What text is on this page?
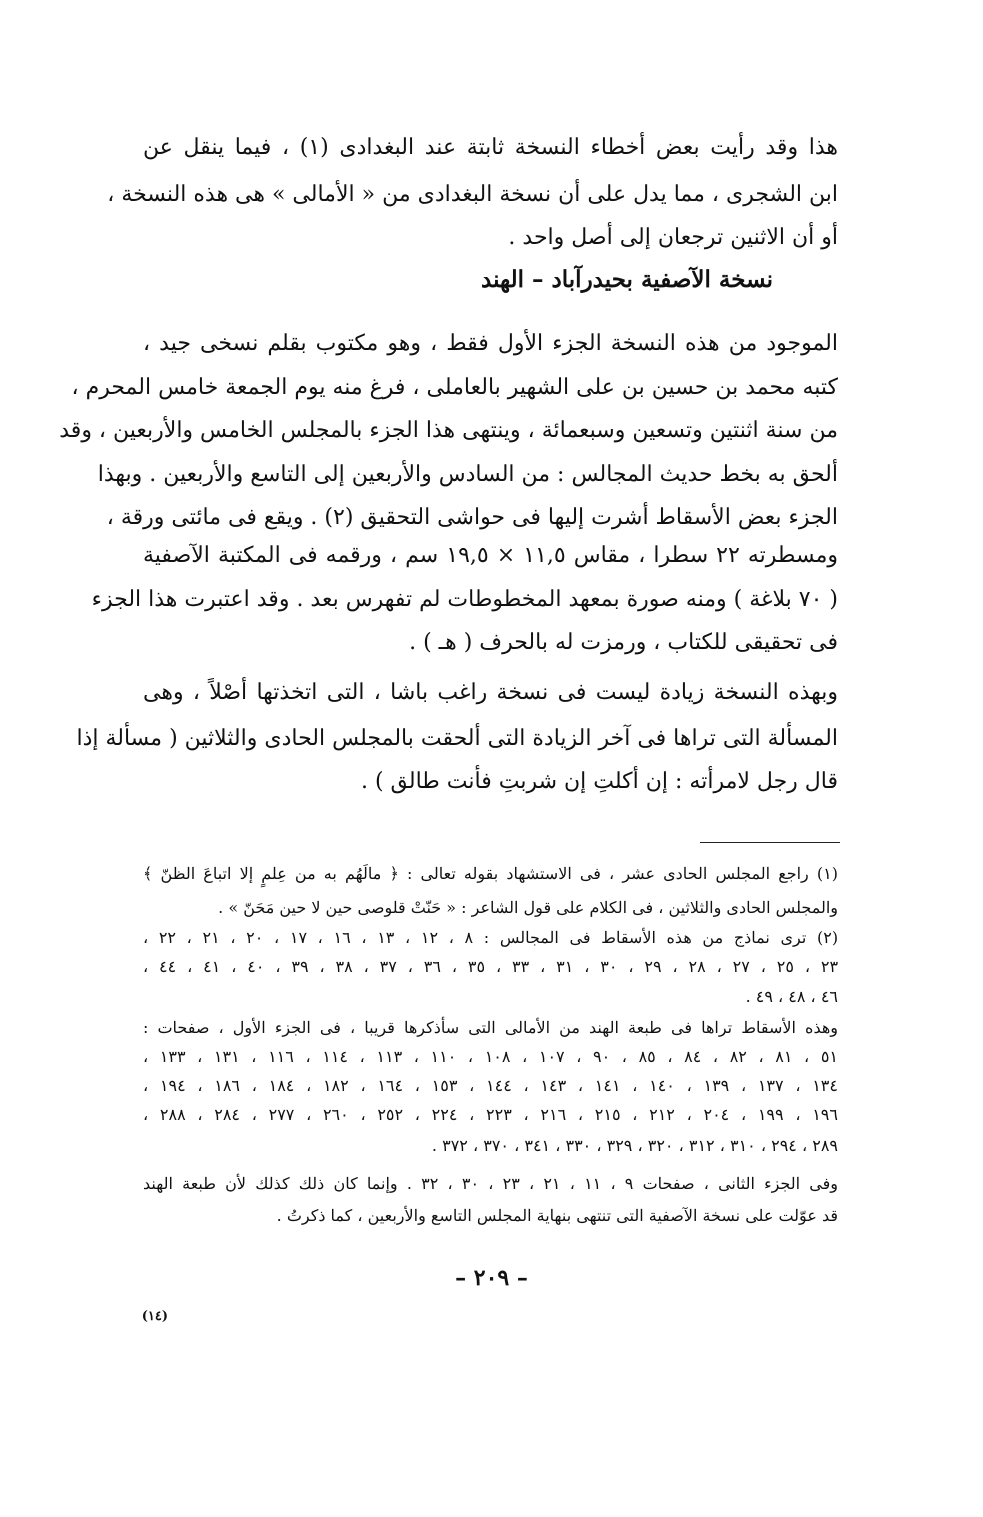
هذا وقد رأيت بعض أخطاء النسخة ثابتة عند البغدادى (١) ، فيما ينقل عن
ابن الشجرى ، مما يدل على أن نسخة البغدادى من « الأمالى » هى هذه النسخة ،
أو أن الاثنين ترجعان إلى أصل واحد .
نسخة الآصفية بحيدرآباد – الهند
الموجود من هذه النسخة الجزء الأول فقط ، وهو مكتوب بقلم نسخى جيد ،
كتبه محمد بن حسين بن على الشهير بالعاملى ، فرغ منه يوم الجمعة خامس المحرم ،
من سنة اثنتين وتسعين وسبعمائة ، وينتهى هذا الجزء بالمجلس الخامس والأربعين ، وقد
ألحق به بخط حديث المجالس : من السادس والأربعين إلى التاسع والأربعين . وبهذا
الجزء بعض الأسقاط أشرت إليها فى حواشى التحقيق (٢) . ويقع فى مائتى ورقة ،
ومسطرته ٢٢ سطرا ، مقاس ١١,٥ × ١٩,٥ سم ، ورقمه فى المكتبة الآصفية
( ٧٠ بلاغة ) ومنه صورة بمعهد المخطوطات لم تفهرس بعد . وقد اعتبرت هذا الجزء
فى تحقيقى للكتاب ، ورمزت له بالحرف ( هـ ) .
وبهذه النسخة زيادة ليست فى نسخة راغب باشا ، التى اتخذتها أصْلاً ، وهى
المسألة التى تراها فى آخر الزيادة التى ألحقت بالمجلس الحادى والثلاثين ( مسألة إذا
قال رجل لامرأته : إن أكلتِ إن شربتِ فأنت طالق ) .
(١) راجع المجلس الحادى عشر ، فى الاستشهاد بقوله تعالى : ﴿ مالَهُم به من عِلمٍ إلا اتباعَ الظنّ ﴾
والمجلس الحادى والثلاثين ، فى الكلام على قول الشاعر : « حَنّتْ قلوصى حين لا حين مَحَنّ » .
(٢) ترى نماذج من هذه الأسقاط فى المجالس : ٨ ، ١٢ ، ١٣ ، ١٦ ، ١٧ ، ٢٠ ، ٢١ ، ٢٢ ،
٢٣ ، ٢٥ ، ٢٧ ، ٢٨ ، ٢٩ ، ٣٠ ، ٣١ ، ٣٣ ، ٣٥ ، ٣٦ ، ٣٧ ، ٣٨ ، ٣٩ ، ٤٠ ، ٤١ ، ٤٤ ،
٤٦ ، ٤٨ ، ٤٩ .
وهذه الأسقاط تراها فى طبعة الهند من الأمالى التى سأذكرها قريبا ، فى الجزء الأول ، صفحات :
٥١ ، ٨١ ، ٨٢ ، ٨٤ ، ٨٥ ، ٩٠ ، ١٠٧ ، ١٠٨ ، ١١٠ ، ١١٣ ، ١١٤ ، ١١٦ ، ١٣١ ، ١٣٣ ،
١٣٤ ، ١٣٧ ، ١٣٩ ، ١٤٠ ، ١٤١ ، ١٤٣ ، ١٤٤ ، ١٥٣ ، ١٦٤ ، ١٨٢ ، ١٨٤ ، ١٨٦ ، ١٩٤ ،
١٩٦ ، ١٩٩ ، ٢٠٤ ، ٢١٢ ، ٢١٥ ، ٢١٦ ، ٢٢٣ ، ٢٢٤ ، ٢٥٢ ، ٢٦٠ ، ٢٧٧ ، ٢٨٤ ، ٢٨٨ ،
٢٨٩ ، ٢٩٤ ، ٣١٠ ، ٣١٢ ، ٣٢٠ ، ٣٢٩ ، ٣٣٠ ، ٣٤١ ، ٣٧٠ ، ٣٧٢ .
وفى الجزء الثانى ، صفحات ٩ ، ١١ ، ٢١ ، ٢٣ ، ٣٠ ، ٣٢ . وإنما كان ذلك كذلك لأن طبعة الهند
قد عوّلت على نسخة الآصفية التى تنتهى بنهاية المجلس التاسع والأربعين ، كما ذكرتُ .
– ٢٠٩ –
(١٤)
